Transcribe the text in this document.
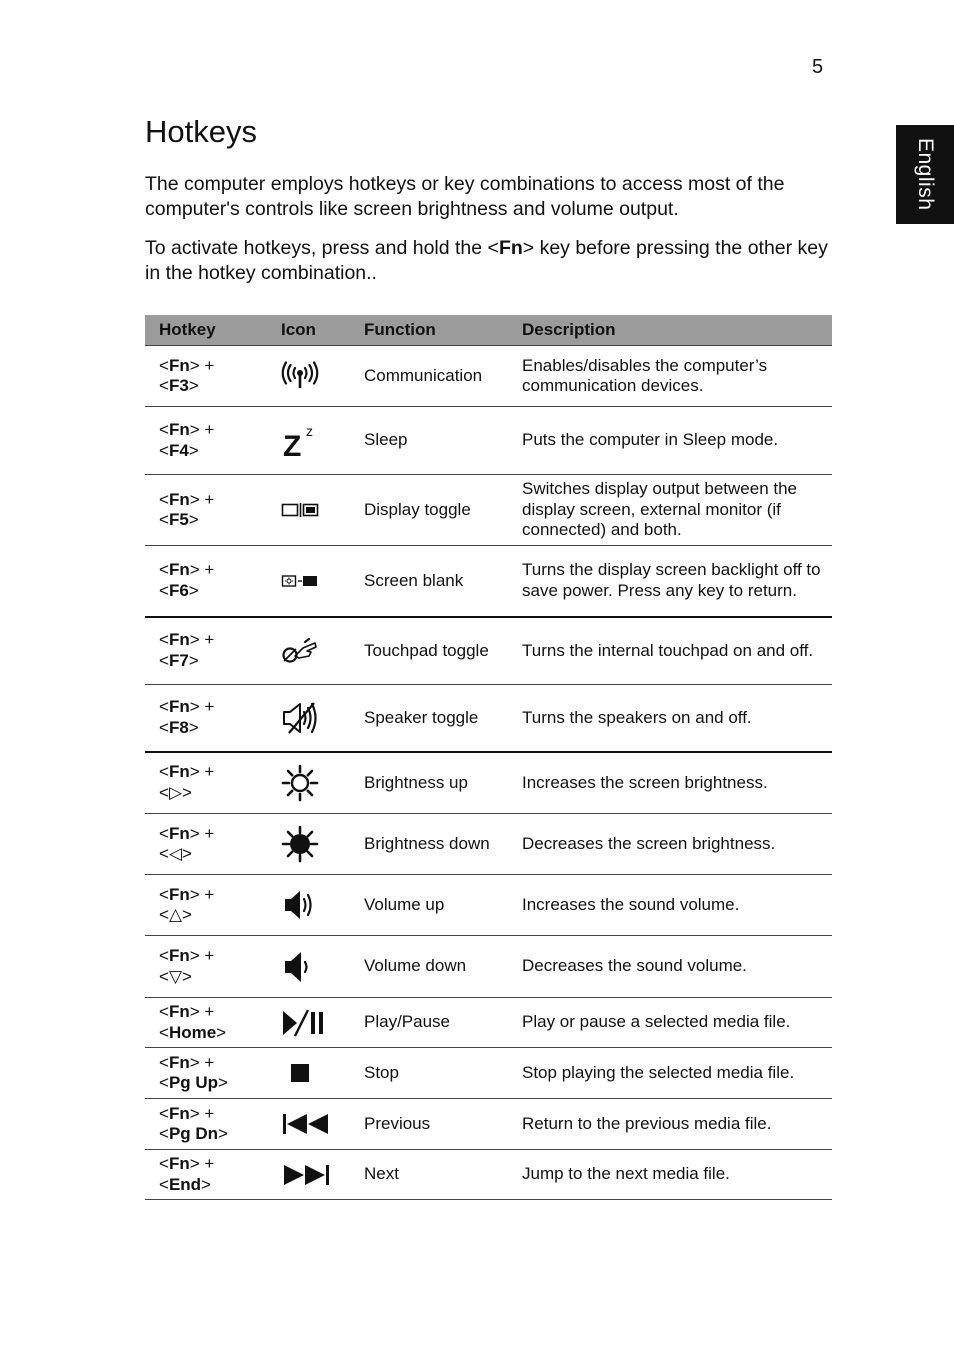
5
English
Hotkeys

The computer employs hotkeys or key combinations to access most of the computer's controls like screen brightness and volume output.

To activate hotkeys, press and hold the <Fn> key before pressing the other key in the hotkey combination..

Hotkey	Icon	Function	Description

<Fn> +
<F3>		Communication	Enables/disables the computer’s communication devices.

<Fn> +
<F4>	Z z	Sleep	Puts the computer in Sleep mode.

<Fn> +
<F5>		Display toggle	Switches display output between the display screen, external monitor (if connected) and both.

<Fn> +
<F6>		Screen blank	Turns the display screen backlight off to save power. Press any key to return.

<Fn> +
<F7>		Touchpad toggle	Turns the internal touchpad on and off.

<Fn> +
<F8>		Speaker toggle	Turns the speakers on and off.

<Fn> +
<▷>		Brightness up	Increases the screen brightness.

<Fn> +
<◁>		Brightness down	Decreases the screen brightness.

<Fn> +
<△>		Volume up	Increases the sound volume.

<Fn> +
<▽>		Volume down	Decreases the sound volume.

<Fn> +
<Home>		Play/Pause	Play or pause a selected media file.

<Fn> +
<Pg Up>		Stop	Stop playing the selected media file.

<Fn> +
<Pg Dn>		Previous	Return to the previous media file.

<Fn> +
<End>		Next	Jump to the next media file.
